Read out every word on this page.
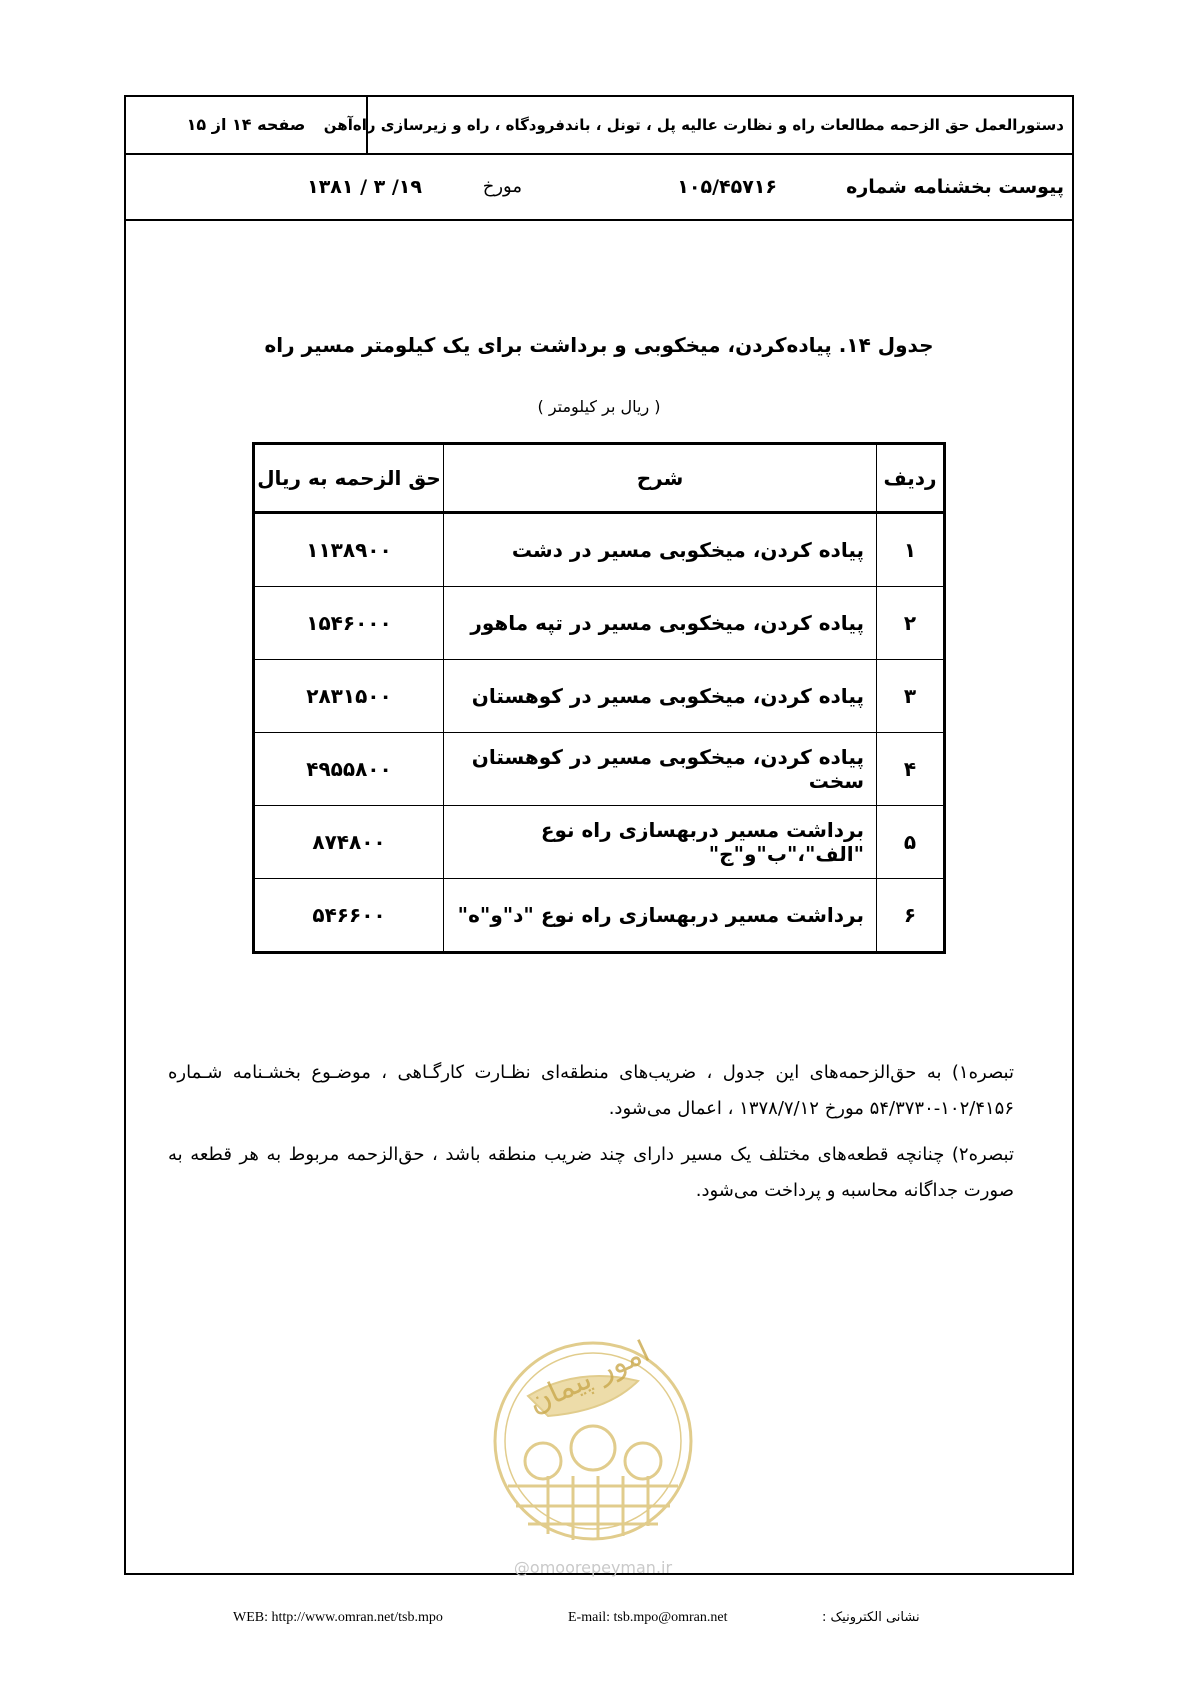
دستورالعمل حق الزحمه مطالعات راه و نظارت عالیه پل ، تونل ، باندفرودگاه ، راه و زیرسازی راه‌آهن
صفحه ۱۴ از ۱۵
پیوست بخشنامه شماره
۱۰۵/۴۵۷۱۶
مورخ
۱۳۸۱ / ۳ /۱۹
جدول ۱۴. پیاده‌کردن، میخکوبی و برداشت برای یک کیلومتر مسیر راه
( ریال بر کیلومتر )
ردیف	شرح	حق الزحمه به ریال
۱	پیاده کردن، میخکوبی مسیر در دشت	۱۱۳۸۹۰۰
۲	پیاده کردن، میخکوبی مسیر در تپه ماهور	۱۵۴۶۰۰۰
۳	پیاده کردن، میخکوبی مسیر در کوهستان	۲۸۳۱۵۰۰
۴	پیاده کردن، میخکوبی مسیر در کوهستان سخت	۴۹۵۵۸۰۰
۵	برداشت مسیر دربهسازی راه نوع "الف"،"ب"و"ج"	۸۷۴۸۰۰
۶	برداشت مسیر دربهسازی راه نوع "د"و"ه"	۵۴۶۶۰۰

تبصره۱) به حق‌الزحمه‌های این جدول ، ضریب‌های منطقه‌ای نظـارت کارگـاهی ، موضـوع بخشـنامه شـماره ۱۰۲/۴۱۵۶-۵۴/۳۷۳۰ مورخ ۱۳۷۸/۷/۱۲ ، اعمال می‌شود.

تبصره۲) چنانچه قطعه‌های مختلف یک مسیر دارای چند ضریب منطقه باشد ، حق‌الزحمه مربوط به هر قطعه به صورت جداگانه محاسبه و پرداخت می‌شود.

امور پیمان
@omoorepeyman.ir
WEB: http://www.omran.net/tsb.mpo	E-mail: tsb.mpo@omran.net	نشانی الکترونیک :
